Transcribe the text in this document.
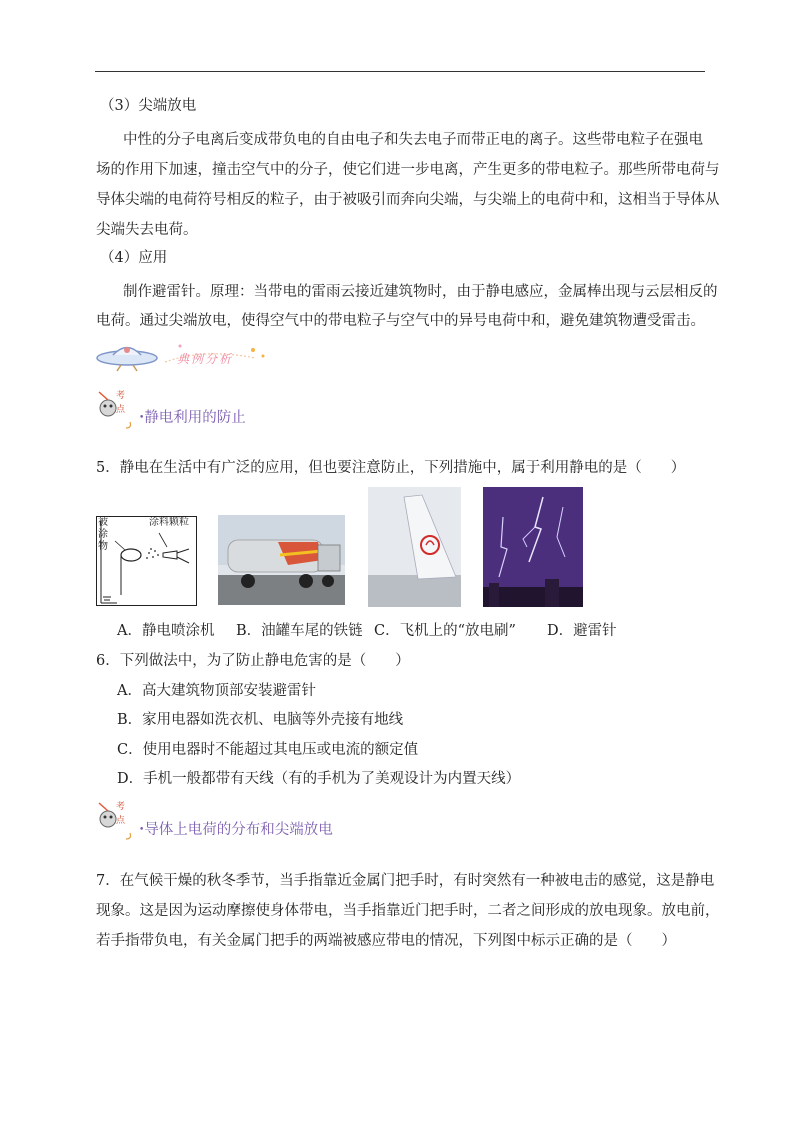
（3）尖端放电
中性的分子电离后变成带负电的自由电子和失去电子而带正电的离子。这些带电粒子在强电
场的作用下加速，撞击空气中的分子，使它们进一步电离，产生更多的带电粒子。那些所带电荷与
导体尖端的电荷符号相反的粒子，由于被吸引而奔向尖端，与尖端上的电荷中和，这相当于导体从
尖端失去电荷。
（4）应用
制作避雷针。原理：当带电的雷雨云接近建筑物时，由于静电感应，金属棒出现与云层相反的
电荷。通过尖端放电，使得空气中的带电粒子与空气中的异号电荷中和，避免建筑物遭受雷击。
典例分析
考
点
•静电利用的防止
5．静电在生活中有广泛的应用，但也要注意防止，下列措施中，属于利用静电的是（　　）
被
涂
物
涂料颗粒
A．静电喷涂机 B．油罐车尾的铁链 C．飞机上的“放电刷” D．避雷针
6．下列做法中，为了防止静电危害的是（　　）
A．高大建筑物顶部安装避雷针
B．家用电器如洗衣机、电脑等外壳接有地线
C．使用电器时不能超过其电压或电流的额定值
D．手机一般都带有天线（有的手机为了美观设计为内置天线）
考
点
•导体上电荷的分布和尖端放电
7．在气候干燥的秋冬季节，当手指靠近金属门把手时，有时突然有一种被电击的感觉，这是静电
现象。这是因为运动摩擦使身体带电，当手指靠近门把手时，二者之间形成的放电现象。放电前，
若手指带负电，有关金属门把手的两端被感应带电的情况，下列图中标示正确的是（　　）
